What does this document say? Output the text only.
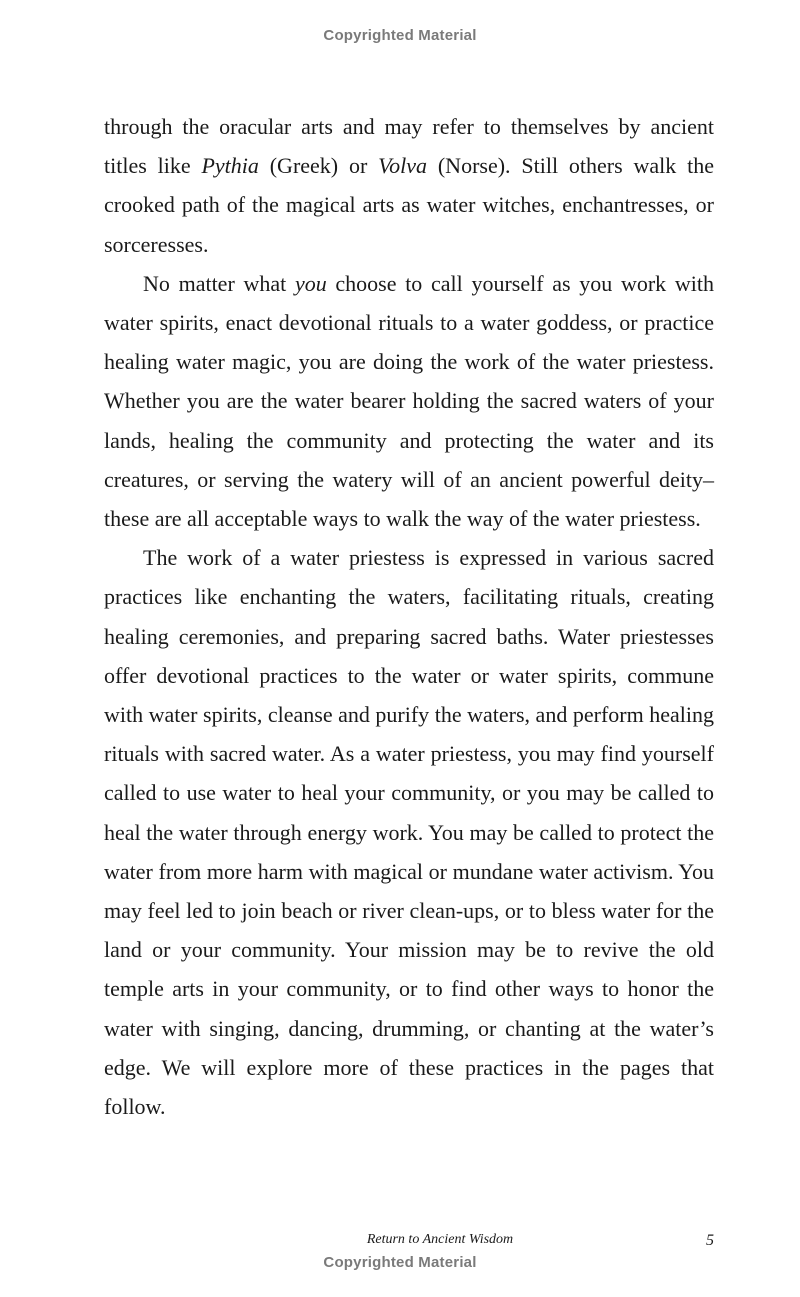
Copyrighted Material

through the oracular arts and may refer to themselves by ancient titles like Pythia (Greek) or Volva (Norse). Still others walk the crooked path of the magical arts as water witches, enchantresses, or sorceresses.

No matter what you choose to call yourself as you work with water spirits, enact devotional rituals to a water goddess, or practice healing water magic, you are doing the work of the water priestess. Whether you are the water bearer holding the sacred waters of your lands, healing the community and protecting the water and its creatures, or serving the watery will of an ancient powerful deity–these are all acceptable ways to walk the way of the water priestess.

The work of a water priestess is expressed in various sacred practices like enchanting the waters, facilitating rituals, creating healing ceremonies, and preparing sacred baths. Water priestesses offer devotional practices to the water or water spirits, commune with water spirits, cleanse and purify the waters, and perform healing rituals with sacred water. As a water priestess, you may find yourself called to use water to heal your community, or you may be called to heal the water through energy work. You may be called to protect the water from more harm with magical or mundane water activism. You may feel led to join beach or river clean-ups, or to bless water for the land or your community. Your mission may be to revive the old temple arts in your community, or to find other ways to honor the water with singing, dancing, drumming, or chanting at the water’s edge. We will explore more of these practices in the pages that follow.

Return to Ancient Wisdom	5
Copyrighted Material
